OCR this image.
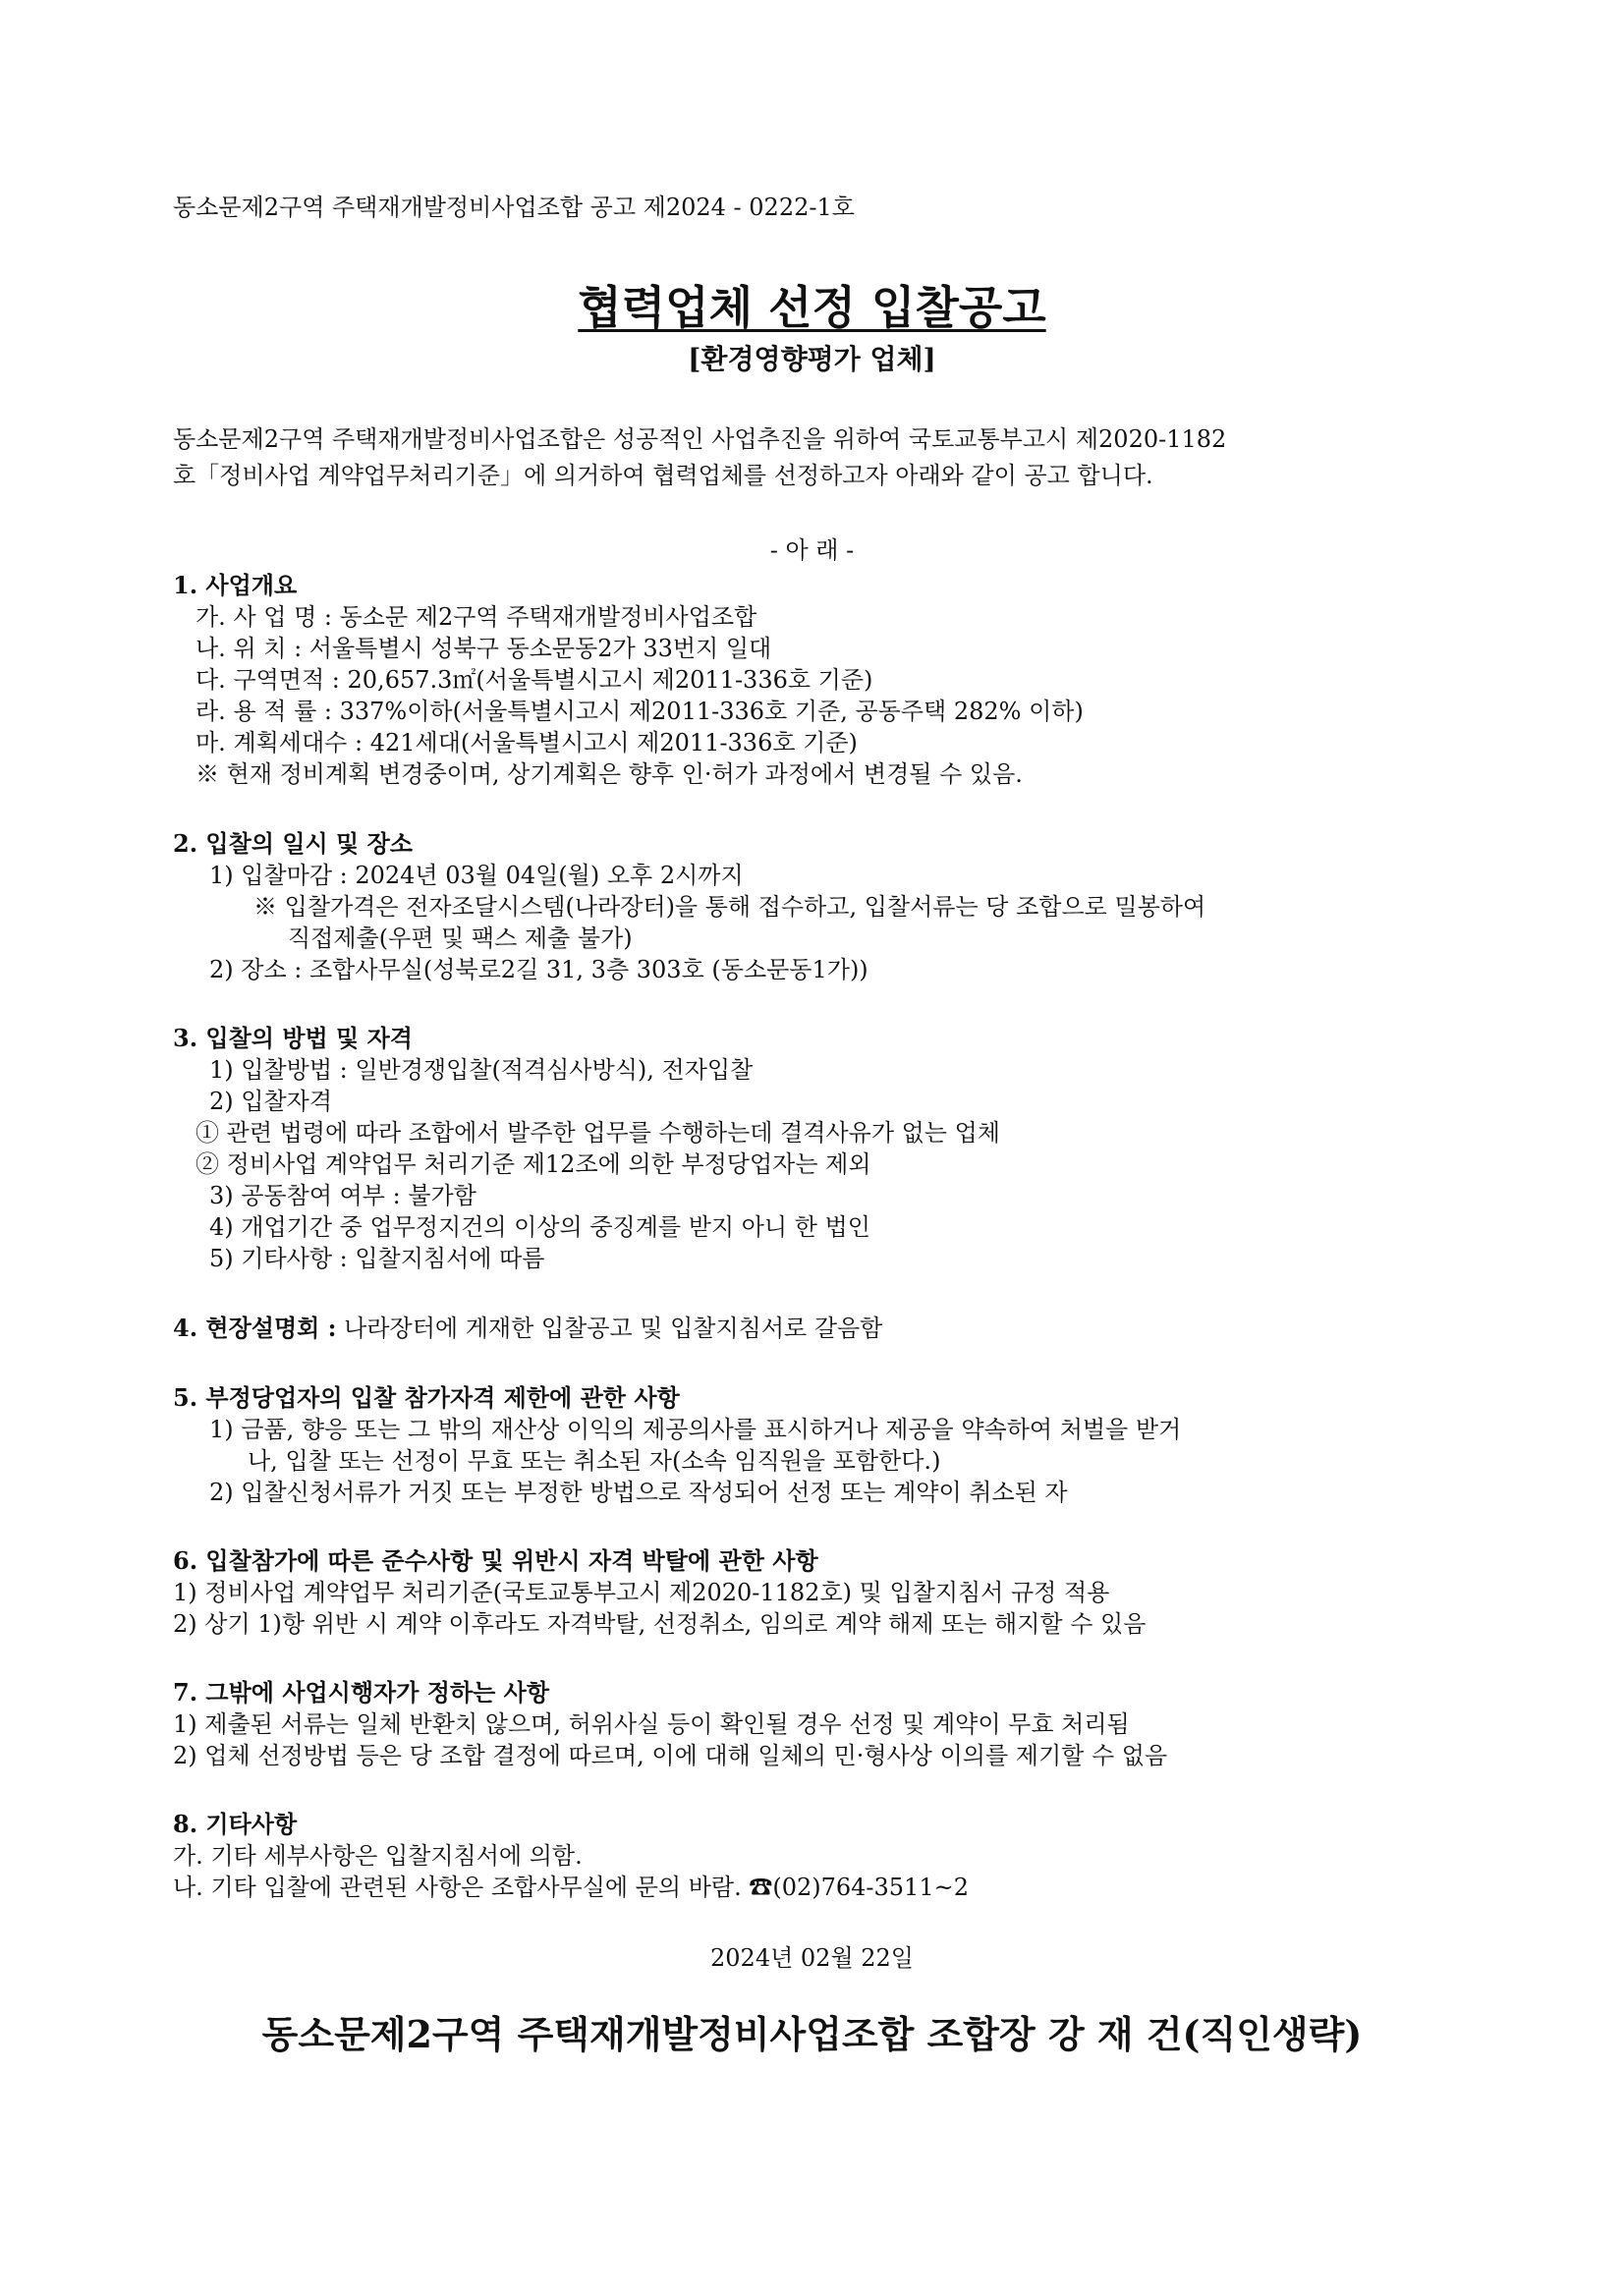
동소문제2구역 주택재개발정비사업조합 공고 제2024 - 0222-1호
협력업체 선정 입찰공고
[환경영향평가 업체]
동소문제2구역 주택재개발정비사업조합은 성공적인 사업추진을 위하여 국토교통부고시 제2020-1182
호「정비사업 계약업무처리기준」에 의거하여 협력업체를 선정하고자 아래와 같이 공고 합니다.
- 아 래 -
1. 사업개요
가. 사 업 명 : 동소문 제2구역 주택재개발정비사업조합
나. 위 치 : 서울특별시 성북구 동소문동2가 33번지 일대
다. 구역면적 : 20,657.3㎡(서울특별시고시 제2011-336호 기준)
라. 용 적 률 : 337%이하(서울특별시고시 제2011-336호 기준, 공동주택 282% 이하)
마. 계획세대수 : 421세대(서울특별시고시 제2011-336호 기준)
※ 현재 정비계획 변경중이며, 상기계획은 향후 인·허가 과정에서 변경될 수 있음.
2. 입찰의 일시 및 장소
1) 입찰마감 : 2024년 03월 04일(월) 오후 2시까지
※ 입찰가격은 전자조달시스템(나라장터)을 통해 접수하고, 입찰서류는 당 조합으로 밀봉하여
직접제출(우편 및 팩스 제출 불가)
2) 장소 : 조합사무실(성북로2길 31, 3층 303호 (동소문동1가))
3. 입찰의 방법 및 자격
1) 입찰방법 : 일반경쟁입찰(적격심사방식), 전자입찰
2) 입찰자격
① 관련 법령에 따라 조합에서 발주한 업무를 수행하는데 결격사유가 없는 업체
② 정비사업 계약업무 처리기준 제12조에 의한 부정당업자는 제외
3) 공동참여 여부 : 불가함
4) 개업기간 중 업무정지건의 이상의 중징계를 받지 아니 한 법인
5) 기타사항 : 입찰지침서에 따름
4. 현장설명회 : 나라장터에 게재한 입찰공고 및 입찰지침서로 갈음함
5. 부정당업자의 입찰 참가자격 제한에 관한 사항
1) 금품, 향응 또는 그 밖의 재산상 이익의 제공의사를 표시하거나 제공을 약속하여 처벌을 받거
나, 입찰 또는 선정이 무효 또는 취소된 자(소속 임직원을 포함한다.)
2) 입찰신청서류가 거짓 또는 부정한 방법으로 작성되어 선정 또는 계약이 취소된 자
6. 입찰참가에 따른 준수사항 및 위반시 자격 박탈에 관한 사항
1) 정비사업 계약업무 처리기준(국토교통부고시 제2020-1182호) 및 입찰지침서 규정 적용
2) 상기 1)항 위반 시 계약 이후라도 자격박탈, 선정취소, 임의로 계약 해제 또는 해지할 수 있음
7. 그밖에 사업시행자가 정하는 사항
1) 제출된 서류는 일체 반환치 않으며, 허위사실 등이 확인될 경우 선정 및 계약이 무효 처리됨
2) 업체 선정방법 등은 당 조합 결정에 따르며, 이에 대해 일체의 민·형사상 이의를 제기할 수 없음
8. 기타사항
가. 기타 세부사항은 입찰지침서에 의함.
나. 기타 입찰에 관련된 사항은 조합사무실에 문의 바람. ☎(02)764-3511~2
2024년 02월 22일
동소문제2구역 주택재개발정비사업조합 조합장 강 재 건(직인생략)
